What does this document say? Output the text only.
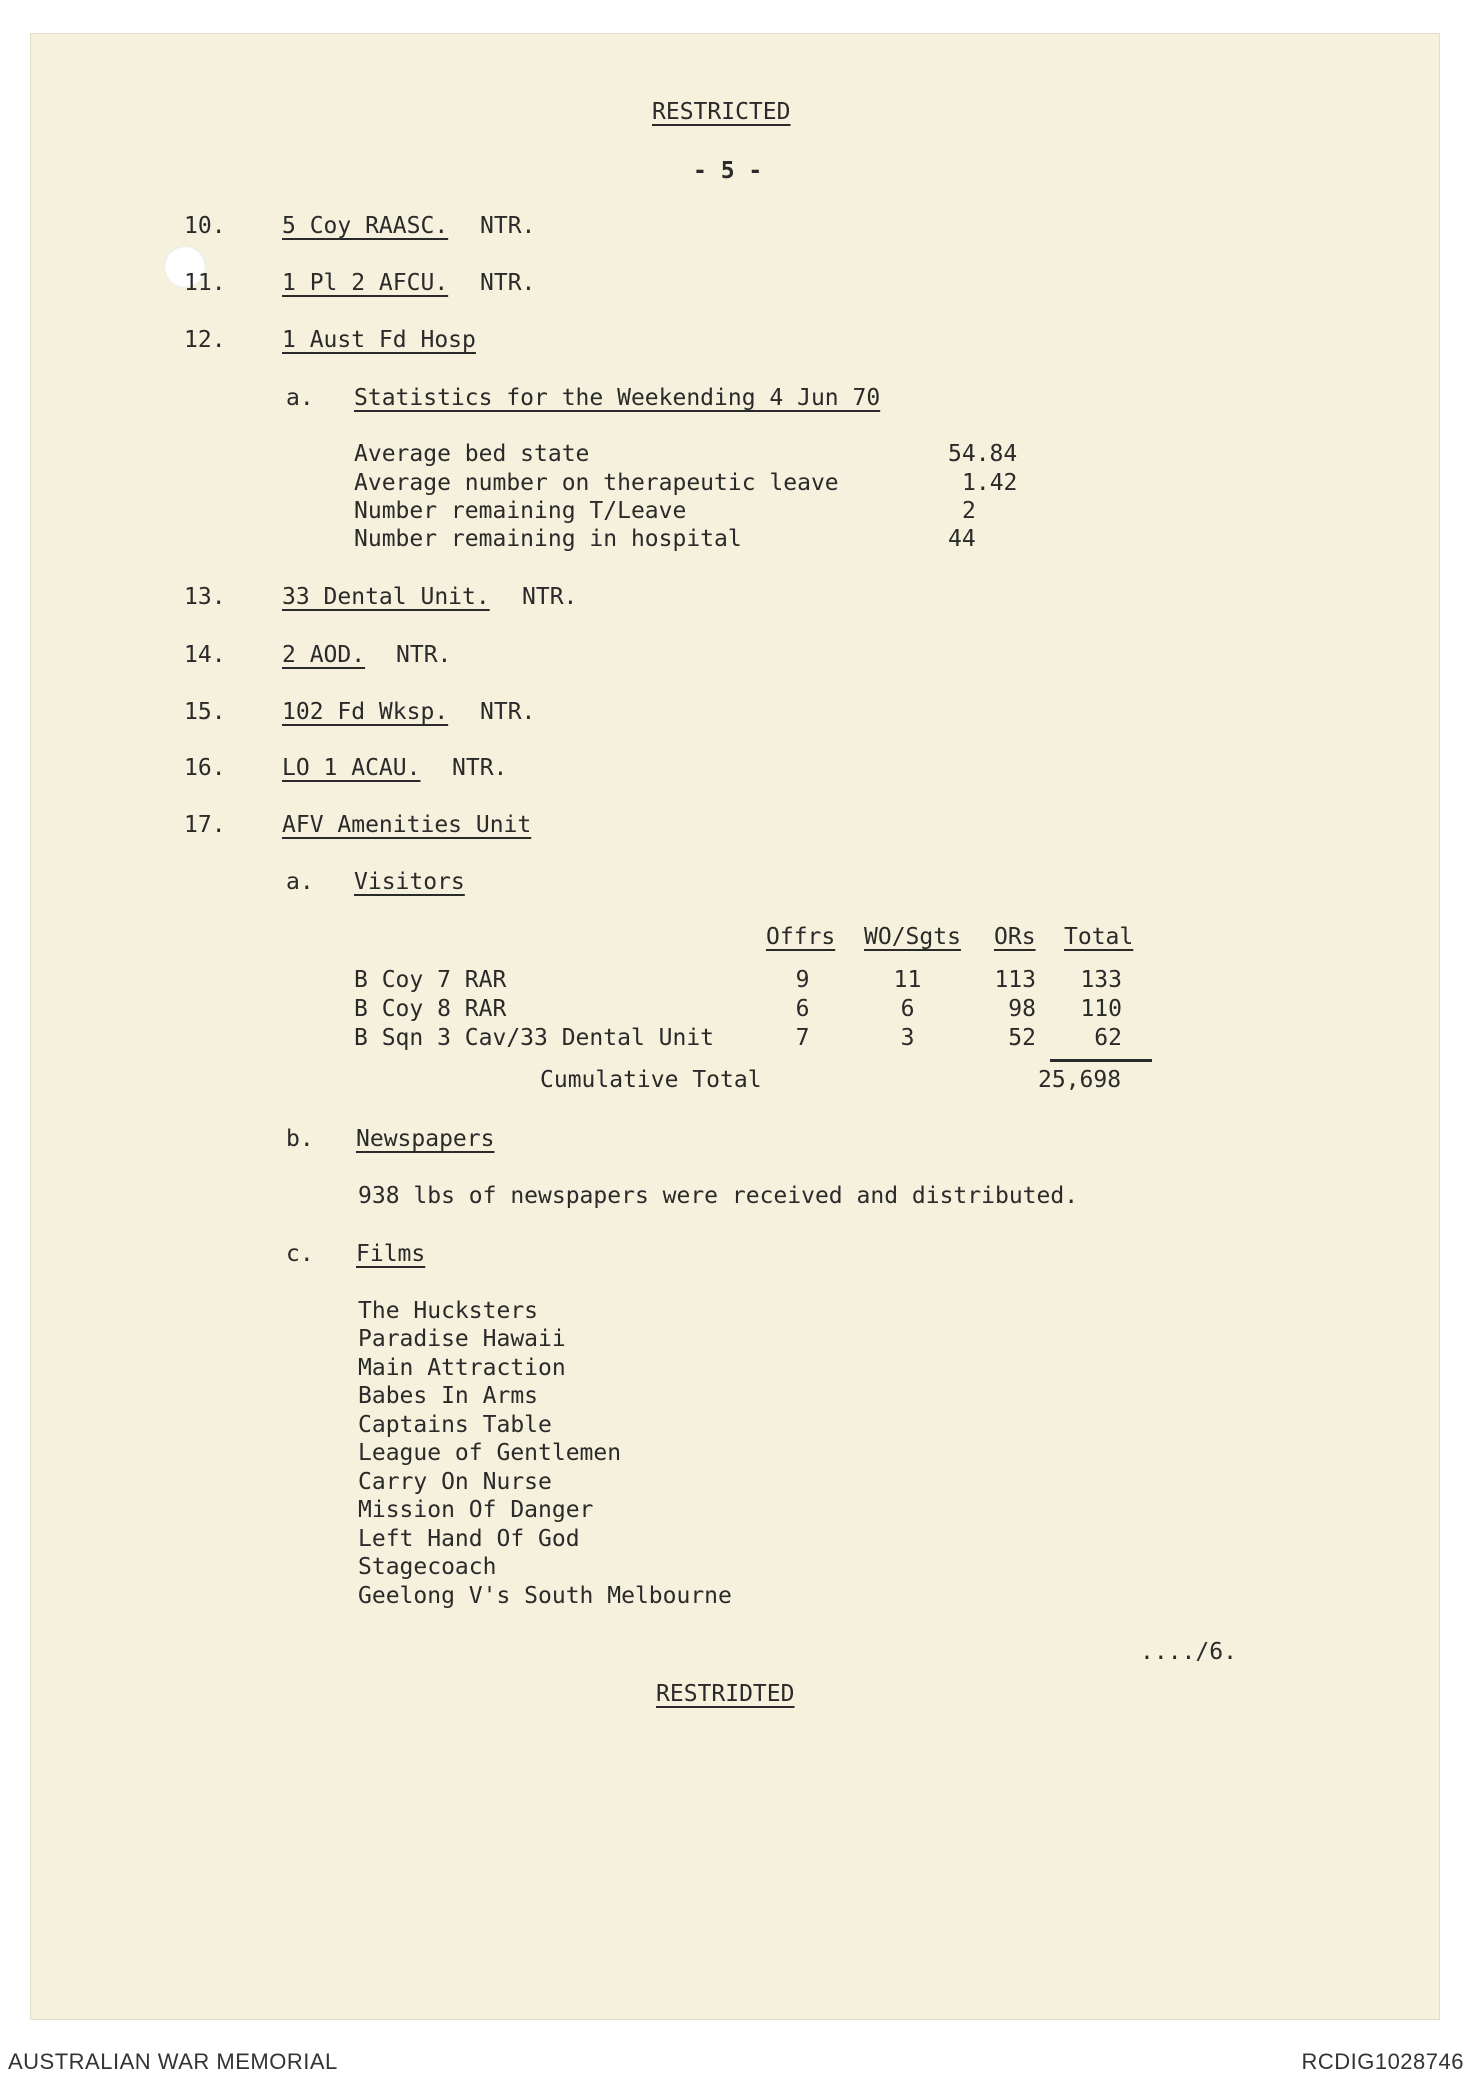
RESTRICTED
- 5 -
10. 5 Coy RAASC. NTR.
11. 1 Pl 2 AFCU. NTR.
12. 1 Aust Fd Hosp
a. Statistics for the Weekending 4 Jun 70
Average bed state	54.84
Average number on therapeutic leave	1.42
Number remaining T/Leave	2
Number remaining in hospital	44
13. 33 Dental Unit. NTR.
14. 2 AOD. NTR.
15. 102 Fd Wksp. NTR.
16. LO 1 ACAU. NTR.
17. AFV Amenities Unit
a. Visitors
Offrs WO/Sgts ORs Total
B Coy 7 RAR	9	11	113	133
B Coy 8 RAR	6	6	98	110
B Sqn 3 Cav/33 Dental Unit	7	3	52	62
Cumulative Total	25,698
b. Newspapers
938 lbs of newspapers were received and distributed.
c. Films
The Hucksters
Paradise Hawaii
Main Attraction
Babes In Arms
Captains Table
League of Gentlemen
Carry On Nurse
Mission Of Danger
Left Hand Of God
Stagecoach
Geelong V's South Melbourne
..../6.
RESTRIDTED
AUSTRALIAN WAR MEMORIAL	RCDIG1028746
